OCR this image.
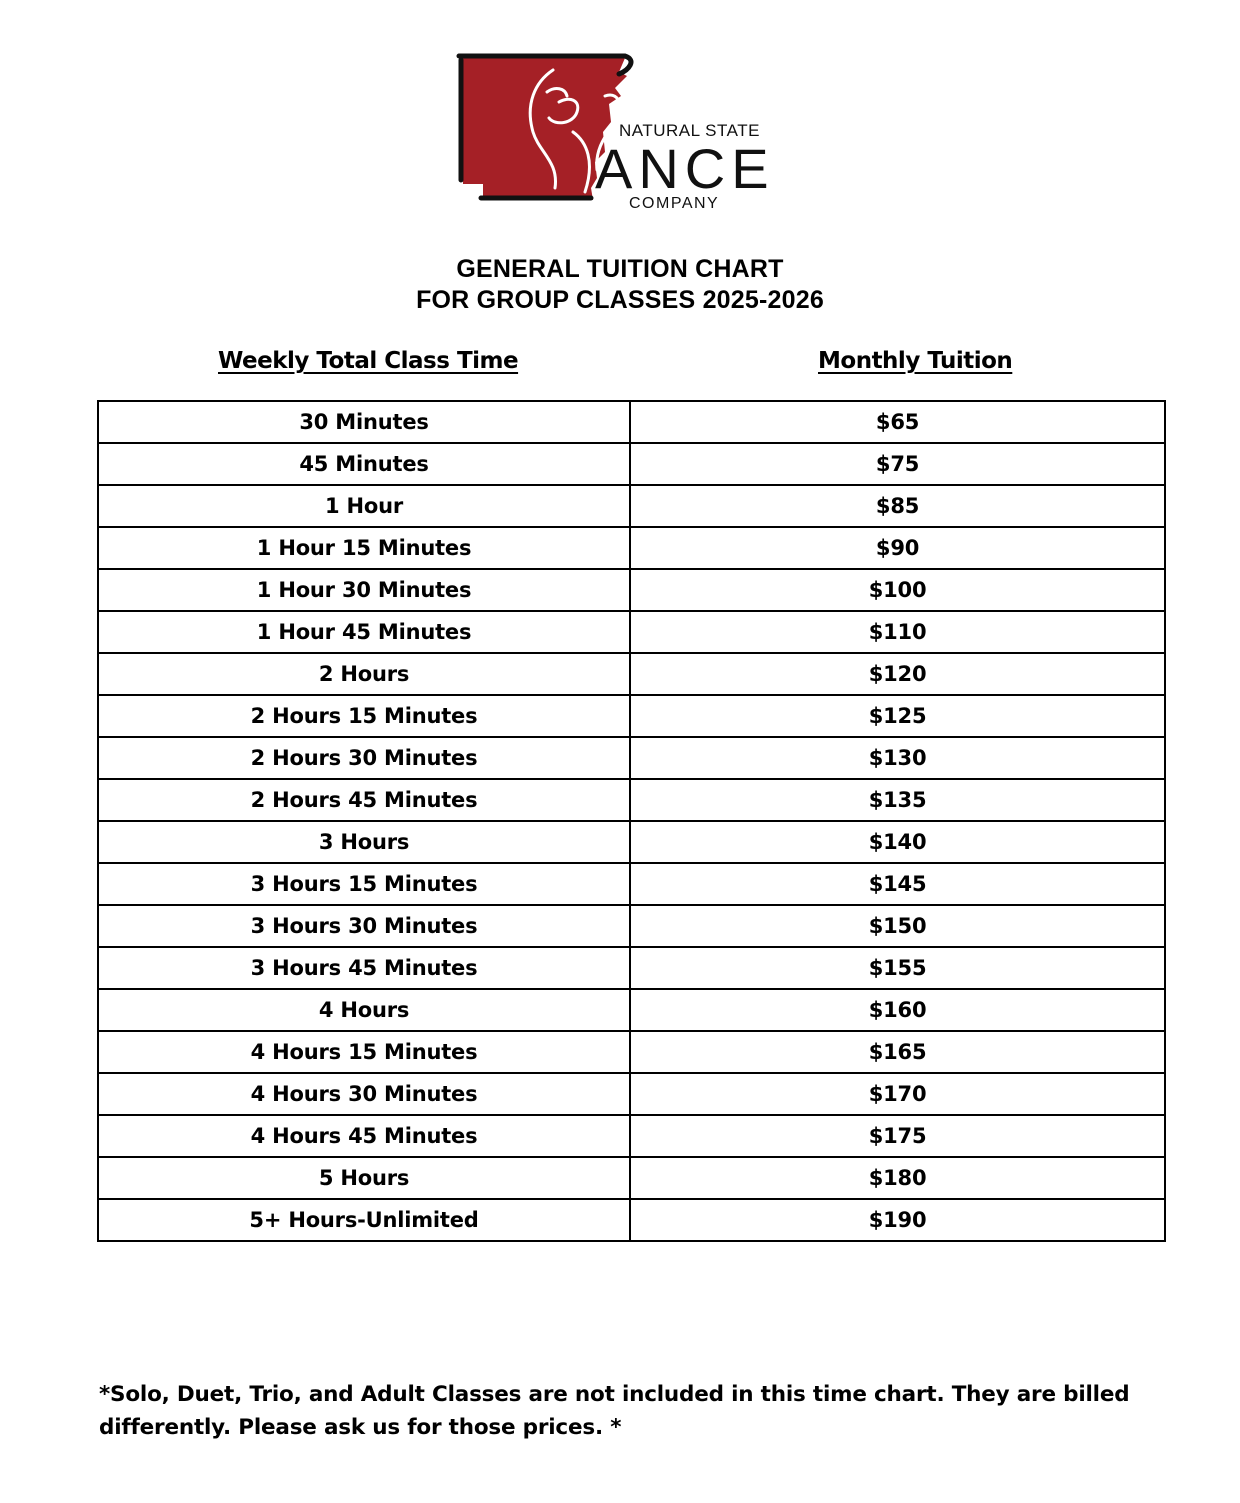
NATURAL STATE
ANCE
COMPANY
GENERAL TUITION CHART
FOR GROUP CLASSES 2025-2026
Weekly Total Class Time	Monthly Tuition
30 Minutes	$65
45 Minutes	$75
1 Hour	$85
1 Hour 15 Minutes	$90
1 Hour 30 Minutes	$100
1 Hour 45 Minutes	$110
2 Hours	$120
2 Hours 15 Minutes	$125
2 Hours 30 Minutes	$130
2 Hours 45 Minutes	$135
3 Hours	$140
3 Hours 15 Minutes	$145
3 Hours 30 Minutes	$150
3 Hours 45 Minutes	$155
4 Hours	$160
4 Hours 15 Minutes	$165
4 Hours 30 Minutes	$170
4 Hours 45 Minutes	$175
5 Hours	$180
5+ Hours-Unlimited	$190
*Solo, Duet, Trio, and Adult Classes are not included in this time chart. They are billed differently. Please ask us for those prices. *
